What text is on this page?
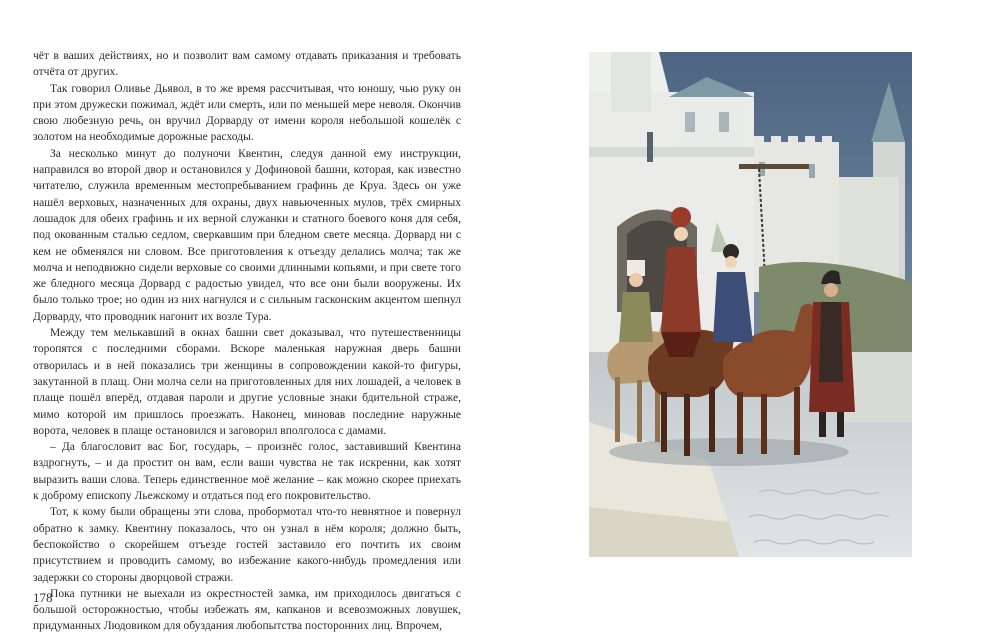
чёт в ваших действиях, но и позволит вам самому отдавать приказания и требовать отчёта от других.

Так говорил Оливье Дьявол, в то же время рассчитывая, что юношу, чью руку он при этом дружески пожимал, ждёт или смерть, или по меньшей мере неволя. Окончив свою любезную речь, он вручил Дорварду от имени короля небольшой кошелёк с золотом на необходимые дорожные расходы.

За несколько минут до полуночи Квентин, следуя данной ему инструкции, направился во второй двор и остановился у Дофиновой башни, которая, как известно читателю, служила временным местопребыванием графинь де Круа. Здесь он уже нашёл верховых, назначенных для охраны, двух навьюченных мулов, трёх смирных лошадок для обеих графинь и их верной служанки и статного боевого коня для себя, под окованным сталью седлом, сверкавшим при бледном свете месяца. Дорвард ни с кем не обменялся ни словом. Все приготовления к отъезду делались молча; так же молча и неподвижно сидели верховые со своими длинными копьями, и при свете того же бледного месяца Дорвард с радостью увидел, что все они были вооружены. Их было только трое; но один из них нагнулся и с сильным гасконским акцентом шепнул Дорварду, что проводник нагонит их возле Тура.

Между тем мелькавший в окнах башни свет доказывал, что путешественницы торопятся с последними сборами. Вскоре маленькая наружная дверь башни отворилась и в ней показались три женщины в сопровождении какой-то фигуры, закутанной в плащ. Они молча сели на приготовленных для них лошадей, а человек в плаще пошёл вперёд, отдавая пароли и другие условные знаки бдительной страже, мимо которой им пришлось проезжать. Наконец, миновав последние наружные ворота, человек в плаще остановился и заговорил вполголоса с дамами.

– Да благословит вас Бог, государь, – произнёс голос, заставивший Квентина вздрогнуть, – и да простит он вам, если ваши чувства не так искренни, как хотят выразить ваши слова. Теперь единственное моё желание – как можно скорее приехать к доброму епископу Льежскому и отдаться под его покровительство.

Тот, к кому были обращены эти слова, пробормотал что-то невнятное и повернул обратно к замку. Квентину показалось, что он узнал в нём короля; должно быть, беспокойство о скорейшем отъезде гостей заставило его почтить их своим присутствием и проводить самому, во избежание какого-нибудь промедления или задержки со стороны дворцовой стражи.

Пока путники не выехали из окрестностей замка, им приходилось двигаться с большой осторожностью, чтобы избежать ям, капканов и всевозможных ловушек, придуманных Людовиком для обуздания любопытства посторонних лиц. Впрочем,

178
